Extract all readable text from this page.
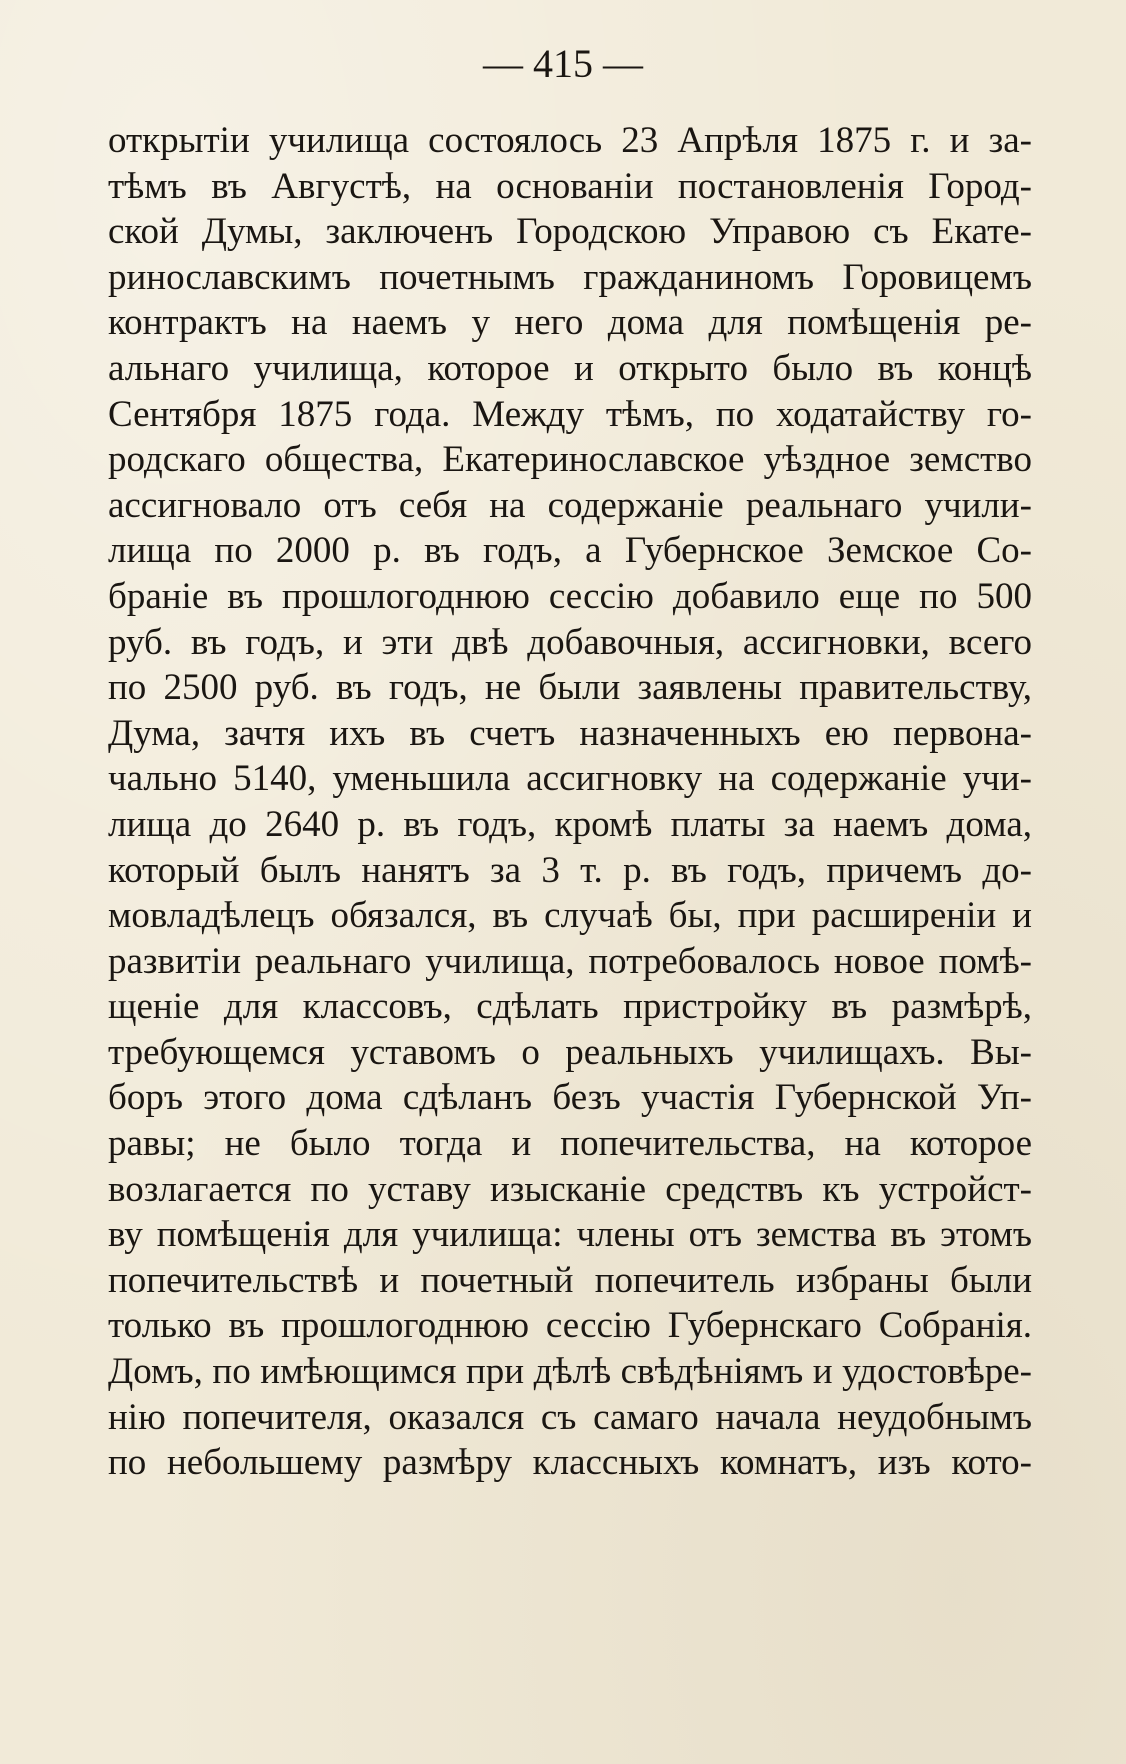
— 415 —
открытіи училища состоялось 23 Апрѣля 1875 г. и за-
тѣмъ въ Августѣ, на основаніи постановленія Город-
ской Думы, заключенъ Городскою Управою съ Екате-
ринославскимъ почетнымъ гражданиномъ Горовицемъ
контрактъ на наемъ у него дома для помѣщенія ре-
альнаго училища, которое и открыто было въ концѣ
Сентября 1875 года. Между тѣмъ, по ходатайству го-
родскаго общества, Екатеринославское уѣздное земство
ассигновало отъ себя на содержаніе реальнаго учили-
лища по 2000 р. въ годъ, а Губернское Земское Со-
браніе въ прошлогоднюю сессію добавило еще по 500
руб. въ годъ, и эти двѣ добавочныя, ассигновки, всего
по 2500 руб. въ годъ, не были заявлены правительству,
Дума, зачтя ихъ въ счетъ назначенныхъ ею первона-
чально 5140, уменьшила ассигновку на содержаніе учи-
лища до 2640 р. въ годъ, кромѣ платы за наемъ дома,
который былъ нанятъ за 3 т. р. въ годъ, причемъ до-
мовладѣлецъ обязался, въ случаѣ бы, при расширеніи и
развитіи реальнаго училища, потребовалось новое помѣ-
щеніе для классовъ, сдѣлать пристройку въ размѣрѣ,
требующемся уставомъ о реальныхъ училищахъ. Вы-
боръ этого дома сдѣланъ безъ участія Губернской Уп-
равы; не было тогда и попечительства, на которое
возлагается по уставу изысканіе средствъ къ устройст-
ву помѣщенія для училища: члены отъ земства въ этомъ
попечительствѣ и почетный попечитель избраны были
только въ прошлогоднюю сессію Губернскаго Собранія.
Домъ, по имѣющимся при дѣлѣ свѣдѣніямъ и удостовѣре-
нію попечителя, оказался съ самаго начала неудобнымъ
по небольшему размѣру классныхъ комнатъ, изъ кото-
